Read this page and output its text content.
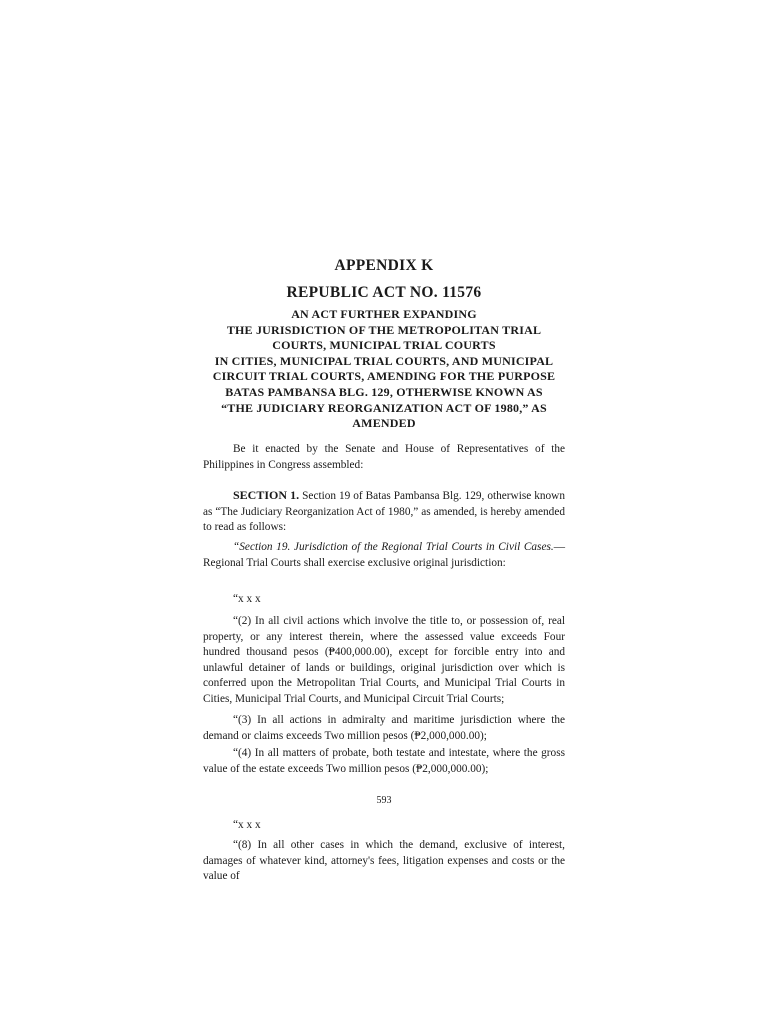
APPENDIX K
REPUBLIC ACT NO. 11576
AN ACT FURTHER EXPANDING
THE JURISDICTION OF THE METROPOLITAN TRIAL
COURTS, MUNICIPAL TRIAL COURTS
IN CITIES, MUNICIPAL TRIAL COURTS, AND MUNICIPAL
CIRCUIT TRIAL COURTS, AMENDING FOR THE PURPOSE
BATAS PAMBANSA BLG. 129, OTHERWISE KNOWN AS
“THE JUDICIARY REORGANIZATION ACT OF 1980,” AS
AMENDED

Be it enacted by the Senate and House of Representatives of the Philippines in Congress assembled:

SECTION 1. Section 19 of Batas Pambansa Blg. 129, otherwise known as “The Judiciary Reorganization Act of 1980,” as amended, is hereby amended to read as follows:

“Section 19. Jurisdiction of the Regional Trial Courts in Civil Cases.—Regional Trial Courts shall exercise exclusive original jurisdiction:

“x x x

“(2) In all civil actions which involve the title to, or possession of, real property, or any interest therein, where the assessed value exceeds Four hundred thousand pesos (₱400,000.00), except for forcible entry into and unlawful detainer of lands or buildings, original jurisdiction over which is conferred upon the Metropolitan Trial Courts, and Municipal Trial Courts in Cities, Municipal Trial Courts, and Municipal Circuit Trial Courts;

“(3) In all actions in admiralty and maritime jurisdiction where the demand or claims exceeds Two million pesos (₱2,000,000.00);

“(4) In all matters of probate, both testate and intestate, where the gross value of the estate exceeds Two million pesos (₱2,000,000.00);

593

“x x x

“(8) In all other cases in which the demand, exclusive of interest, damages of whatever kind, attorney's fees, litigation expenses and costs or the value of
